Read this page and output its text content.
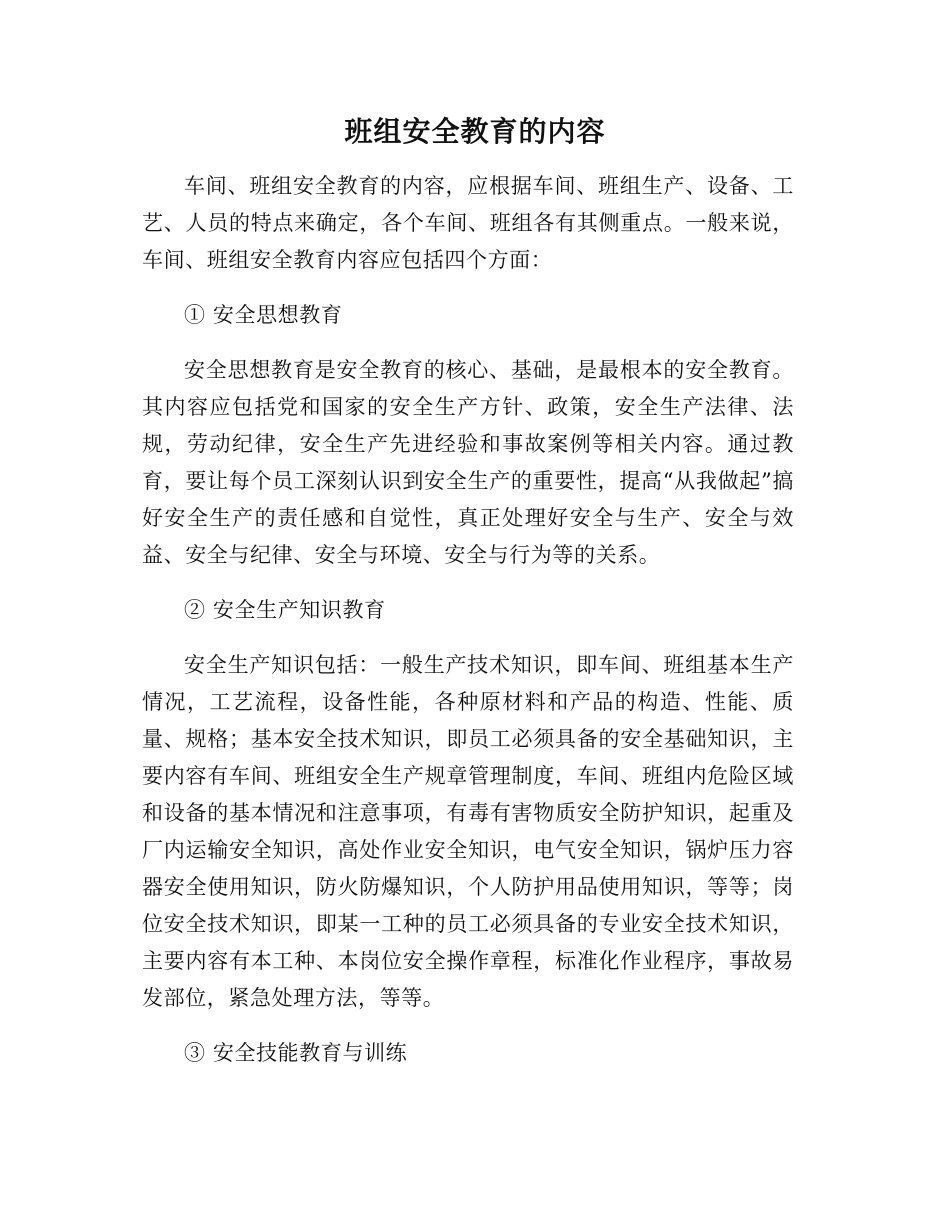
班组安全教育的内容

车间、班组安全教育的内容，应根据车间、班组生产、设备、工艺、人员的特点来确定，各个车间、班组各有其侧重点。一般来说，车间、班组安全教育内容应包括四个方面：

① 安全思想教育

安全思想教育是安全教育的核心、基础，是最根本的安全教育。其内容应包括党和国家的安全生产方针、政策，安全生产法律、法规，劳动纪律，安全生产先进经验和事故案例等相关内容。通过教育，要让每个员工深刻认识到安全生产的重要性，提高“从我做起”搞好安全生产的责任感和自觉性，真正处理好安全与生产、安全与效益、安全与纪律、安全与环境、安全与行为等的关系。

② 安全生产知识教育

安全生产知识包括：一般生产技术知识，即车间、班组基本生产情况，工艺流程，设备性能，各种原材料和产品的构造、性能、质量、规格；基本安全技术知识，即员工必须具备的安全基础知识，主要内容有车间、班组安全生产规章管理制度，车间、班组内危险区域和设备的基本情况和注意事项，有毒有害物质安全防护知识，起重及厂内运输安全知识，高处作业安全知识，电气安全知识，锅炉压力容器安全使用知识，防火防爆知识，个人防护用品使用知识，等等；岗位安全技术知识，即某一工种的员工必须具备的专业安全技术知识，主要内容有本工种、本岗位安全操作章程，标准化作业程序，事故易发部位，紧急处理方法，等等。

③ 安全技能教育与训练
